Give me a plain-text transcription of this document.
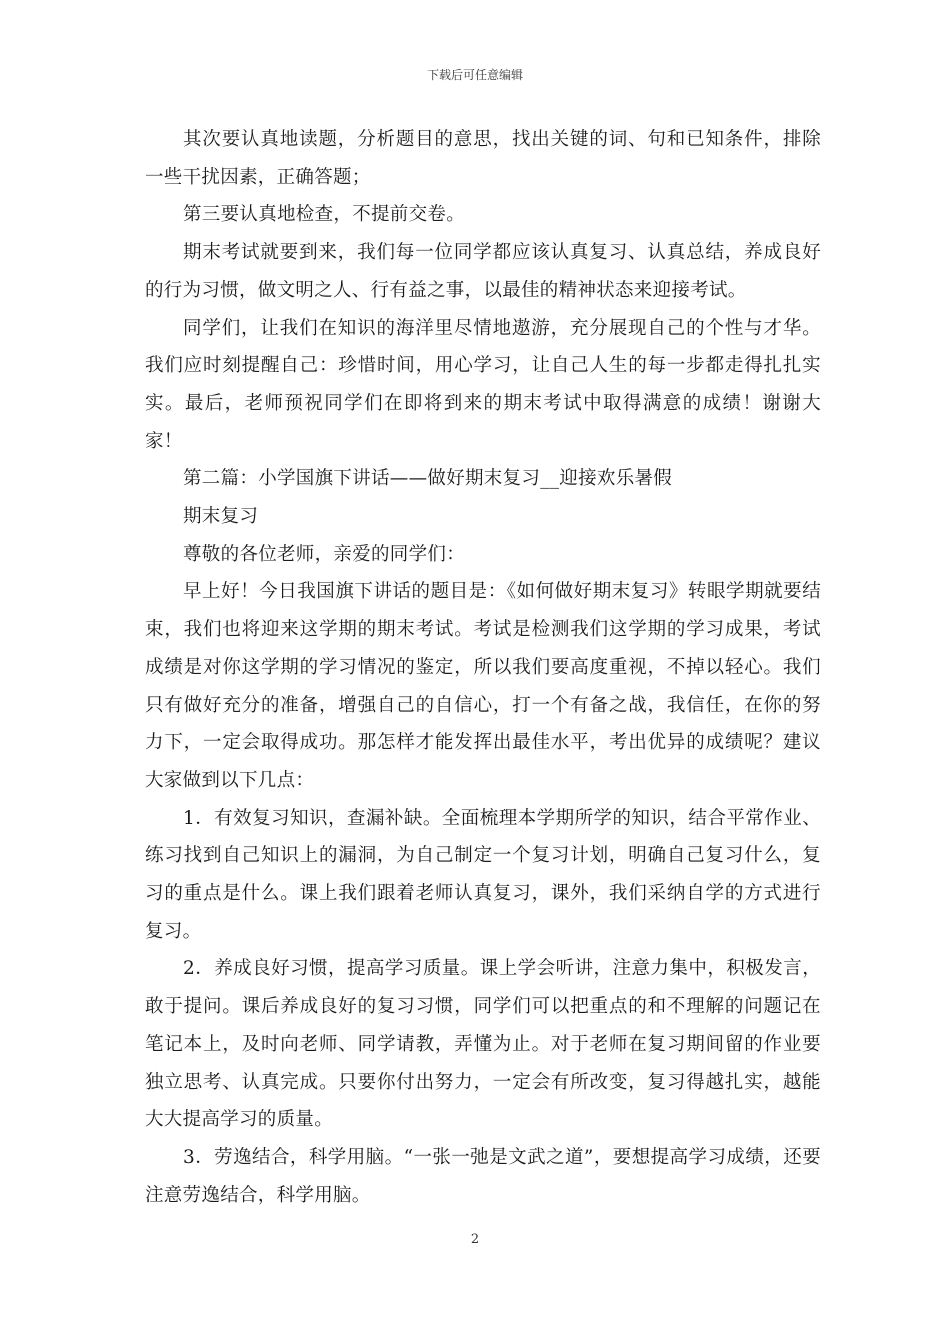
下载后可任意编辑

其次要认真地读题，分析题目的意思，找出关键的词、句和已知条件，排除一些干扰因素，正确答题；

第三要认真地检查，不提前交卷。

期末考试就要到来，我们每一位同学都应该认真复习、认真总结，养成良好的行为习惯，做文明之人、行有益之事，以最佳的精神状态来迎接考试。

同学们，让我们在知识的海洋里尽情地遨游，充分展现自己的个性与才华。我们应时刻提醒自己：珍惜时间，用心学习，让自己人生的每一步都走得扎扎实实。最后，老师预祝同学们在即将到来的期末考试中取得满意的成绩！谢谢大家！

第二篇：小学国旗下讲话——做好期末复习__迎接欢乐暑假

期末复习

尊敬的各位老师，亲爱的同学们：

早上好！今日我国旗下讲话的题目是：《如何做好期末复习》转眼学期就要结束，我们也将迎来这学期的期末考试。考试是检测我们这学期的学习成果，考试成绩是对你这学期的学习情况的鉴定，所以我们要高度重视，不掉以轻心。我们只有做好充分的准备，增强自己的自信心，打一个有备之战，我信任，在你的努力下，一定会取得成功。那怎样才能发挥出最佳水平，考出优异的成绩呢？建议大家做到以下几点：

1．有效复习知识，查漏补缺。全面梳理本学期所学的知识，结合平常作业、练习找到自己知识上的漏洞，为自己制定一个复习计划，明确自己复习什么，复习的重点是什么。课上我们跟着老师认真复习，课外，我们采纳自学的方式进行复习。

2．养成良好习惯，提高学习质量。课上学会听讲，注意力集中，积极发言，敢于提问。课后养成良好的复习习惯，同学们可以把重点的和不理解的问题记在笔记本上，及时向老师、同学请教，弄懂为止。对于老师在复习期间留的作业要独立思考、认真完成。只要你付出努力，一定会有所改变，复习得越扎实，越能大大提高学习的质量。

3．劳逸结合，科学用脑。“一张一弛是文武之道”，要想提高学习成绩，还要注意劳逸结合，科学用脑。

2
